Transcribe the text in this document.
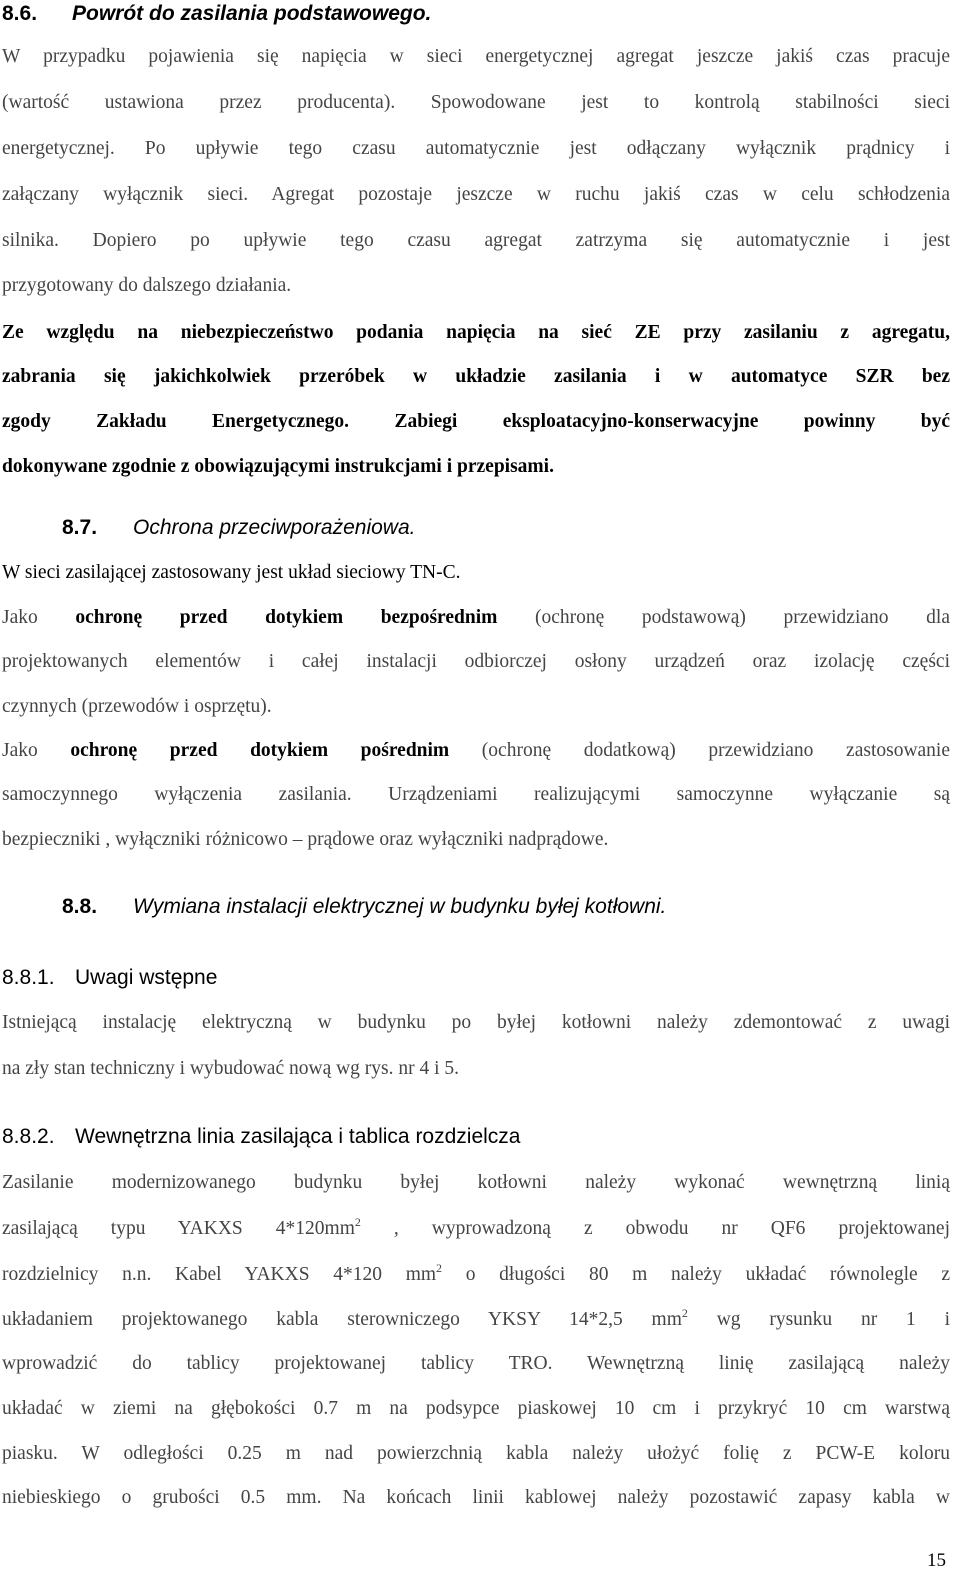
8.6. Powrót do zasilania podstawowego.
W przypadku pojawienia się napięcia w sieci energetycznej agregat jeszcze jakiś czas pracuje
(wartość ustawiona przez producenta). Spowodowane jest to kontrolą stabilności sieci
energetycznej. Po upływie tego czasu automatycznie jest odłączany wyłącznik prądnicy i
załączany wyłącznik sieci. Agregat pozostaje jeszcze w ruchu jakiś czas w celu schłodzenia
silnika. Dopiero po upływie tego czasu agregat zatrzyma się automatycznie i jest
przygotowany do dalszego działania.
Ze względu na niebezpieczeństwo podania napięcia na sieć ZE przy zasilaniu z agregatu,
zabrania się jakichkolwiek przeróbek w układzie zasilania i w automatyce SZR bez
zgody Zakładu Energetycznego. Zabiegi eksploatacyjno-konserwacyjne powinny być
dokonywane zgodnie z obowiązującymi instrukcjami i przepisami.
8.7. Ochrona przeciwporażeniowa.
W sieci zasilającej zastosowany jest układ sieciowy TN-C.
Jako ochronę przed dotykiem bezpośrednim (ochronę podstawową) przewidziano dla
projektowanych elementów i całej instalacji odbiorczej osłony urządzeń oraz izolację części
czynnych (przewodów i osprzętu).
Jako ochronę przed dotykiem pośrednim (ochronę dodatkową) przewidziano zastosowanie
samoczynnego wyłączenia zasilania. Urządzeniami realizującymi samoczynne wyłączanie są
bezpieczniki , wyłączniki różnicowo – prądowe oraz wyłączniki nadprądowe.
8.8. Wymiana instalacji elektrycznej w budynku byłej kotłowni.
8.8.1. Uwagi wstępne
Istniejącą instalację elektryczną w budynku po byłej kotłowni należy zdemontować z uwagi
na zły stan techniczny i wybudować nową wg rys. nr 4 i 5.
8.8.2. Wewnętrzna linia zasilająca i tablica rozdzielcza
Zasilanie modernizowanego budynku byłej kotłowni należy wykonać wewnętrzną linią
zasilającą typu YAKXS $4*120mm^2$ , wyprowadzoną z obwodu nr QF6 projektowanej
rozdzielnicy n.n. Kabel YAKXS 4*120 $mm^2$ o długości 80 m należy układać równolegle z
układaniem projektowanego kabla sterowniczego YKSY 14*2,5 $mm^2$ wg rysunku nr 1 i
wprowadzić do tablicy projektowanej tablicy TRO. Wewnętrzną linię zasilającą należy
układać w ziemi na głębokości 0.7 m na podsypce piaskowej 10 cm i przykryć 10 cm warstwą
piasku. W odległości 0.25 m nad powierzchnią kabla należy ułożyć folię z PCW-E koloru
niebieskiego o grubości 0.5 mm. Na końcach linii kablowej należy pozostawić zapasy kabla w
15
